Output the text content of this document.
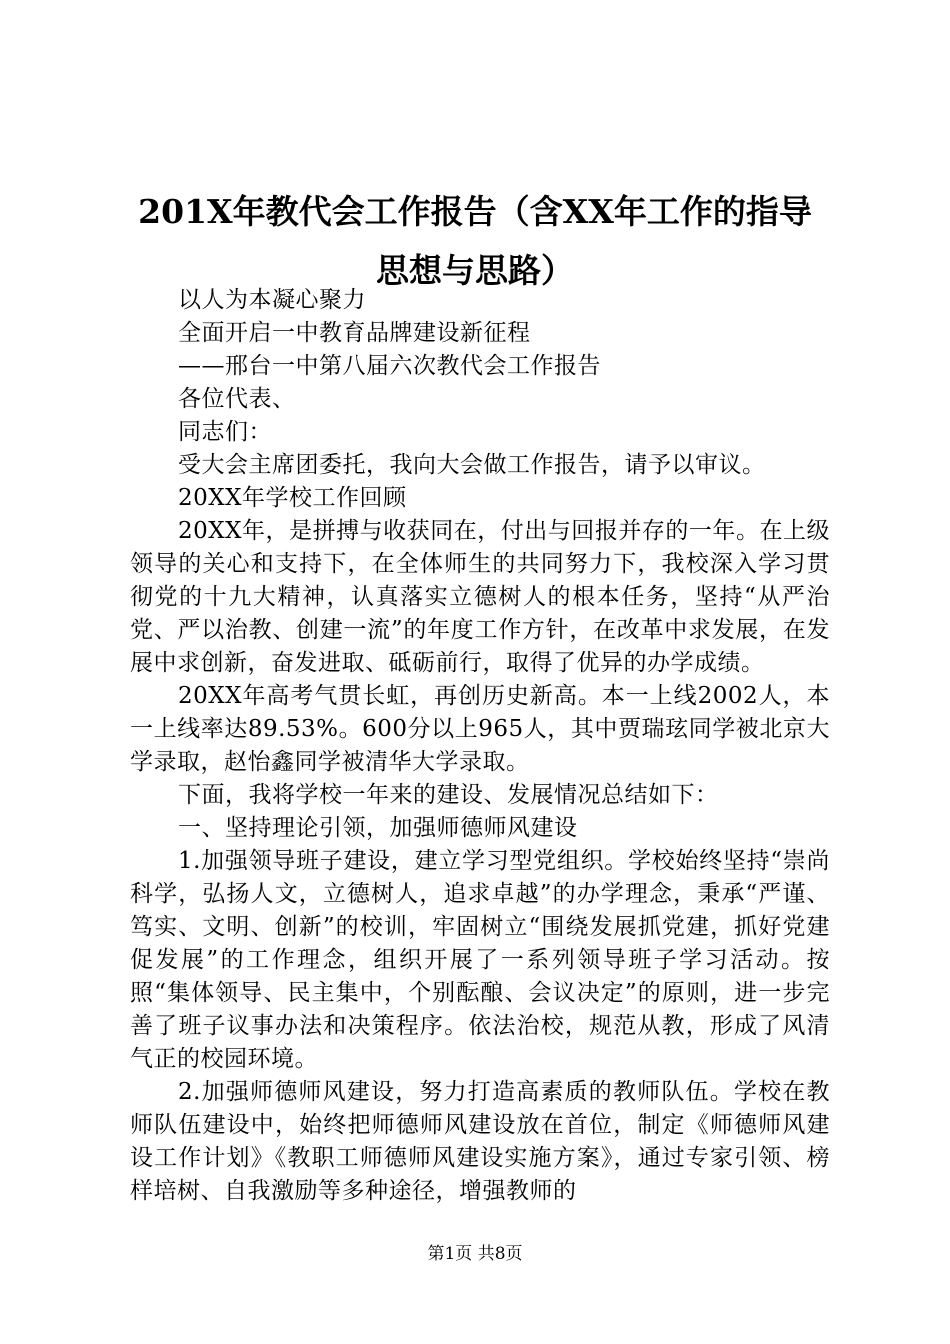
201X年教代会工作报告（含XX年工作的指导
思想与思路）

以人为本凝心聚力

全面开启一中教育品牌建设新征程

——邢台一中第八届六次教代会工作报告

各位代表、

同志们：

受大会主席团委托，我向大会做工作报告，请予以审议。

20XX年学校工作回顾

20XX年，是拼搏与收获同在，付出与回报并存的一年。在上级领导的关心和支持下，在全体师生的共同努力下，我校深入学习贯彻党的十九大精神，认真落实立德树人的根本任务，坚持“从严治党、严以治教、创建一流”的年度工作方针，在改革中求发展，在发展中求创新，奋发进取、砥砺前行，取得了优异的办学成绩。

20XX年高考气贯长虹，再创历史新高。本一上线2002人，本一上线率达89.53%。600分以上965人，其中贾瑞玹同学被北京大学录取，赵怡鑫同学被清华大学录取。

下面，我将学校一年来的建设、发展情况总结如下：

一、坚持理论引领，加强师德师风建设

1.加强领导班子建设，建立学习型党组织。学校始终坚持“崇尚科学，弘扬人文，立德树人，追求卓越”的办学理念，秉承“严谨、笃实、文明、创新”的校训，牢固树立“围绕发展抓党建，抓好党建促发展”的工作理念，组织开展了一系列领导班子学习活动。按照“集体领导、民主集中，个别酝酿、会议决定”的原则，进一步完善了班子议事办法和决策程序。依法治校，规范从教，形成了风清气正的校园环境。

2.加强师德师风建设，努力打造高素质的教师队伍。学校在教师队伍建设中，始终把师德师风建设放在首位，制定《师德师风建设工作计划》《教职工师德师风建设实施方案》，通过专家引领、榜样培树、自我激励等多种途径，增强教师的

第1页 共8页
